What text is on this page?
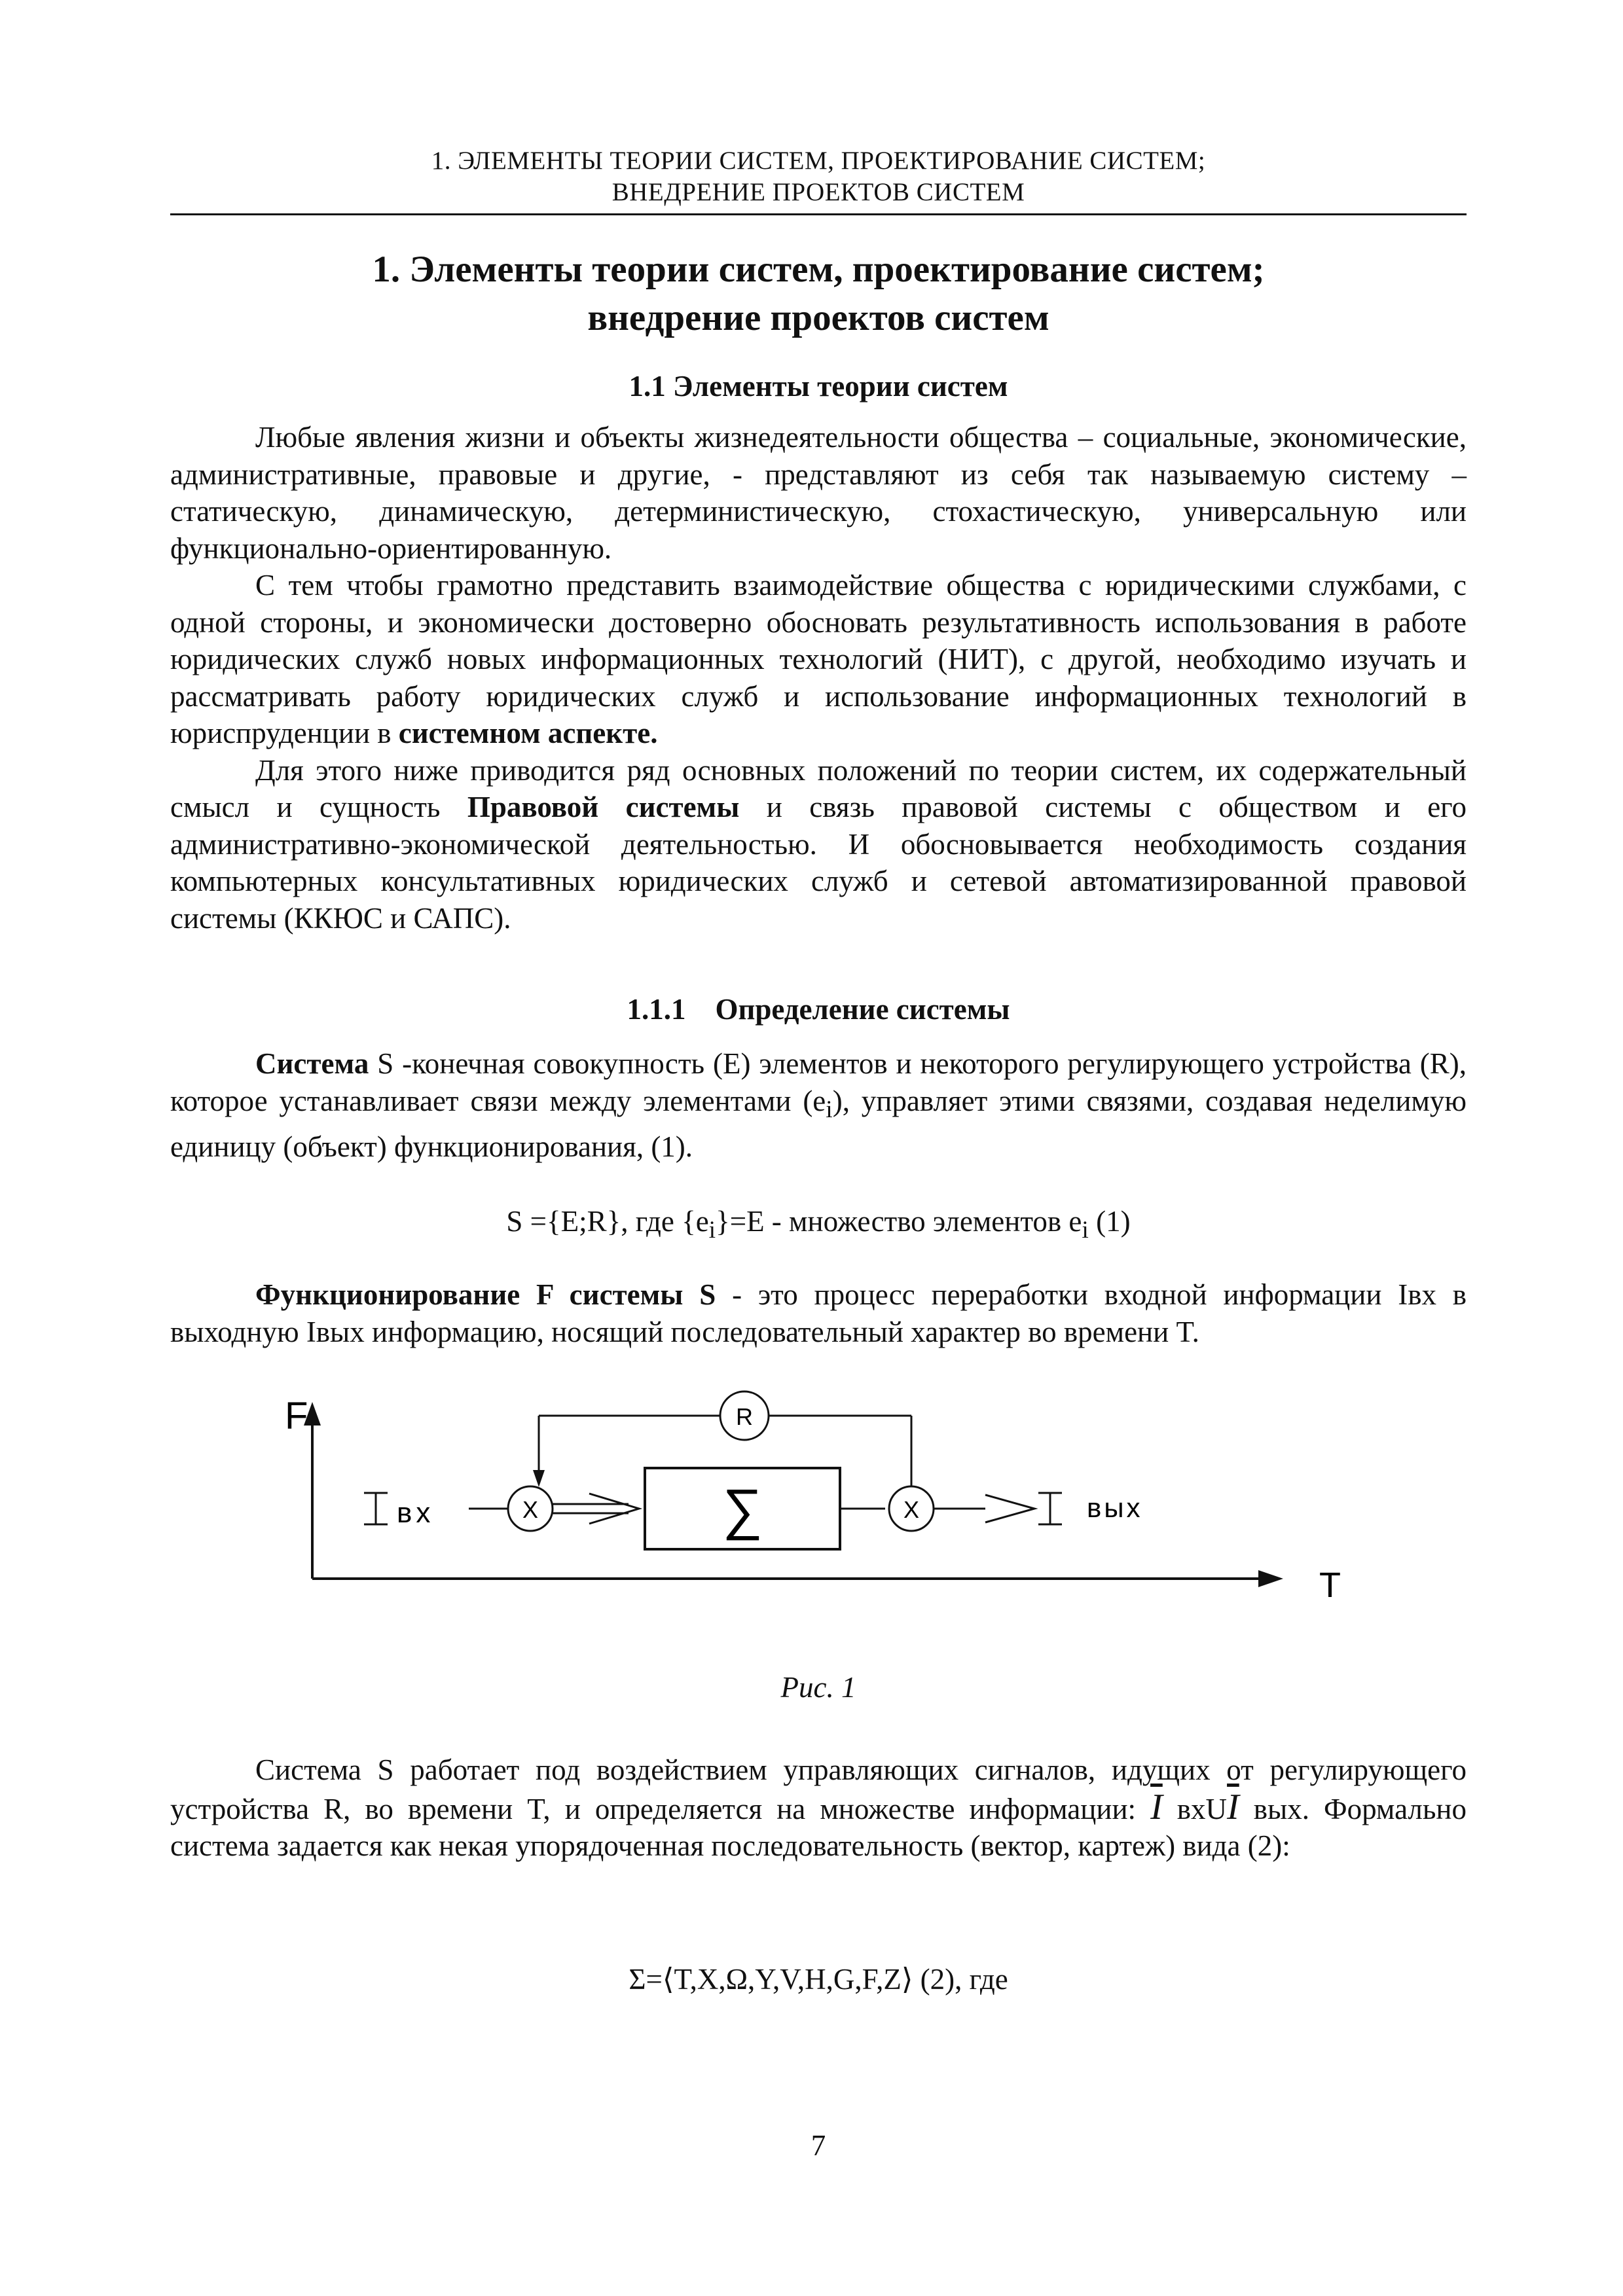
1. ЭЛЕМЕНТЫ ТЕОРИИ СИСТЕМ, ПРОЕКТИРОВАНИЕ СИСТЕМ;
ВНЕДРЕНИЕ ПРОЕКТОВ СИСТЕМ
1. Элементы теории систем, проектирование систем;
внедрение проектов систем
1.1 Элементы теории систем

Любые явления жизни и объекты жизнедеятельности общества – социальные, экономические, административные, правовые и другие, - представляют из себя так называемую систему – статическую, динамическую, детерминистическую, стохастическую, универсальную или функционально-ориентированную.

С тем чтобы грамотно представить взаимодействие общества с юридическими службами, с одной стороны, и экономически достоверно обосновать результативность использования в работе юридических служб новых информационных технологий (НИТ), с другой, необходимо изучать и рассматривать работу юридических служб и использование информационных технологий в юриспруденции в системном аспекте.

Для этого ниже приводится ряд основных положений по теории систем, их содержательный смысл и сущность Правовой системы и связь правовой системы с обществом и его административно-экономической деятельностью. И обосновывается необходимость создания компьютерных консультативных юридических служб и сетевой автоматизированной правовой системы (ККЮС и САПС).

1.1.1    Определение системы

Система S -конечная совокупность (E) элементов и некоторого регулирующего устройства (R), которое устанавливает связи между элементами $(e_i)$, управляет этими связями, создавая неделимую единицу (объект) функционирования, (1).

S ={E;R}, где $\{e_i\}=E$ - множество элементов $e_i$ (1)

Функционирование F системы S - это процесс переработки входной информации Iвх в выходную Iвых информацию, носящий последовательный характер во времени T.

F
T
вх	X	∑	X	вых
R
Рис. 1

Система S работает под воздействием управляющих сигналов, идущих от регулирующего устройства R, во времени T, и определяется на множестве информации: $\overline{I}$ $вхU\overline{I}$ вых. Формально система задается как некая упорядоченная последовательность (вектор, картеж) вида (2):

Σ=⟨T,X,Ω,Y,V,H,G,F,Z⟩ (2), где
7
